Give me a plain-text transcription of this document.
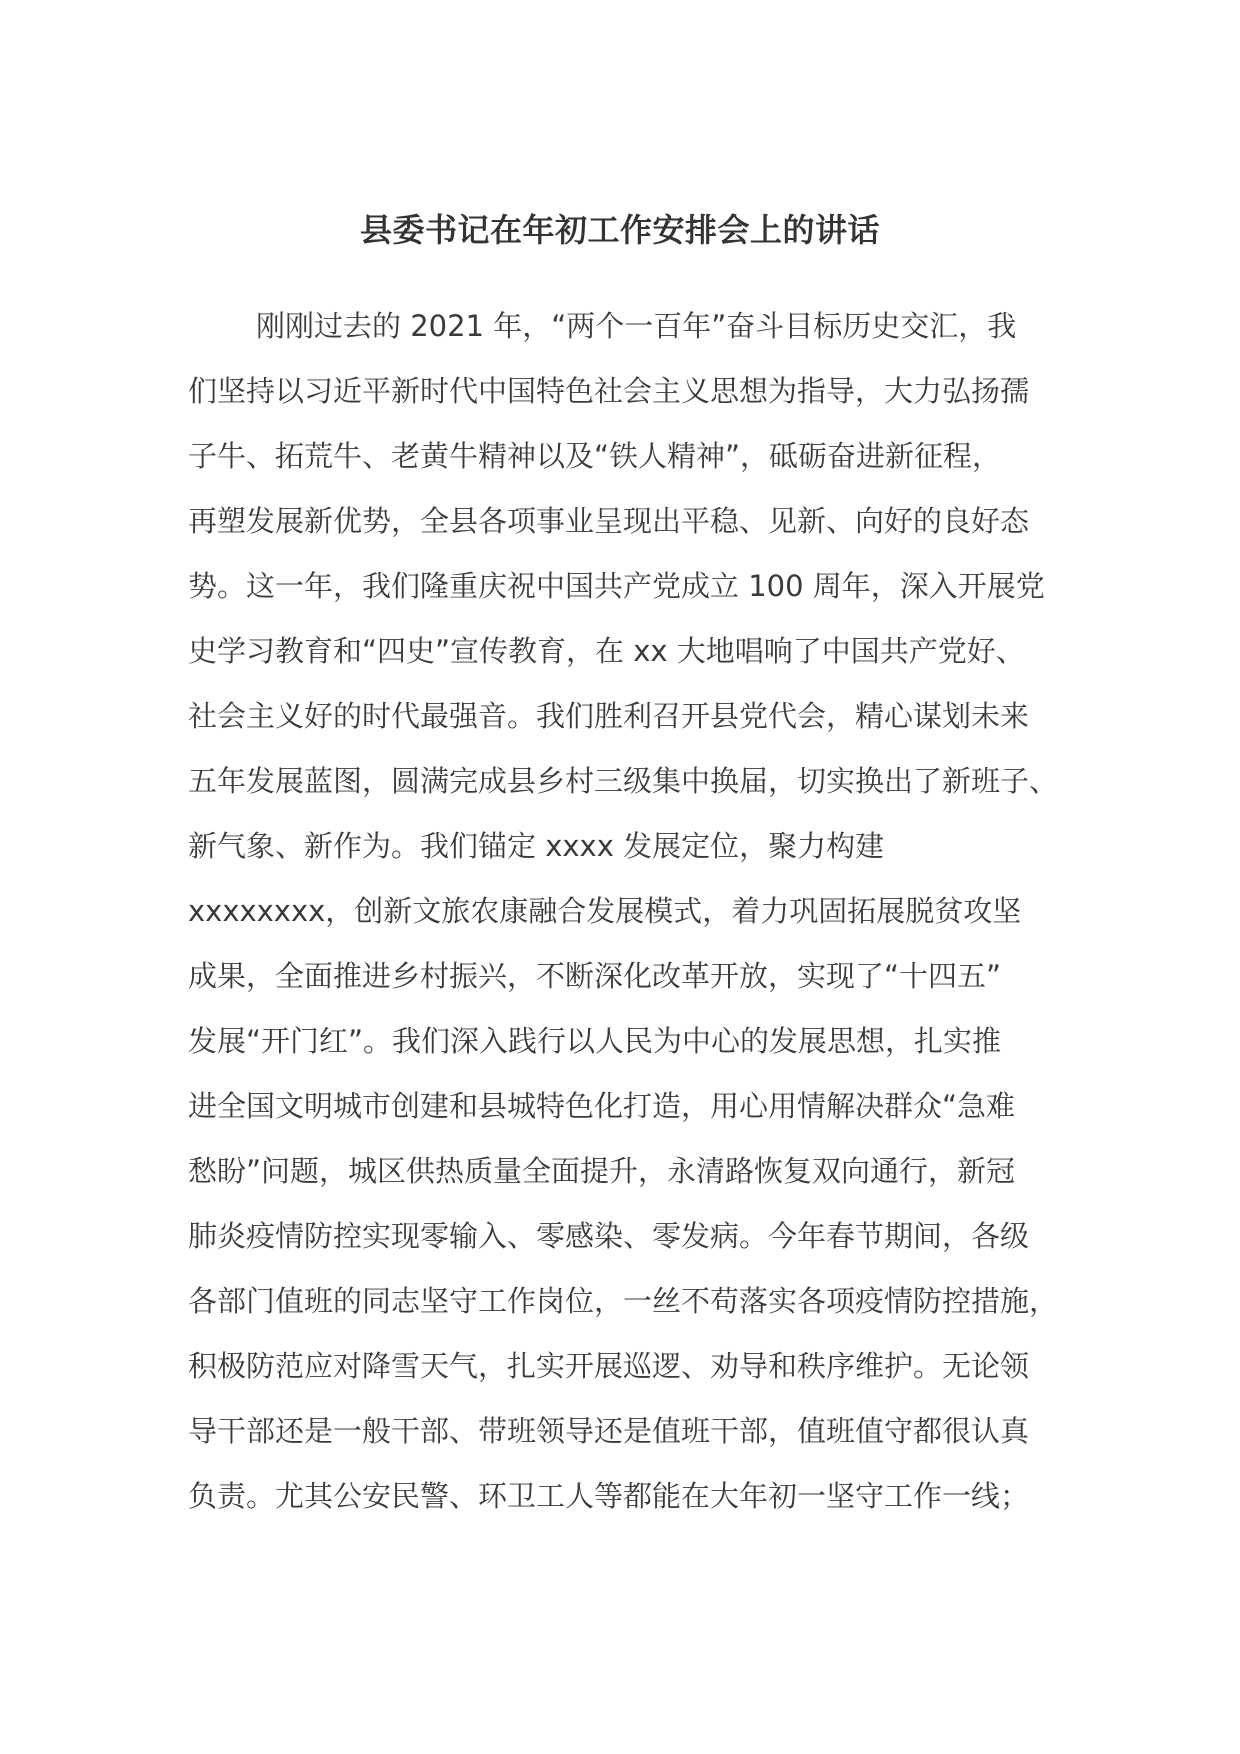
县委书记在年初工作安排会上的讲话
刚刚过去的 2021 年，“两个一百年”奋斗目标历史交汇，我
们坚持以习近平新时代中国特色社会主义思想为指导，大力弘扬孺
子牛、拓荒牛、老黄牛精神以及“铁人精神”，砥砺奋进新征程，
再塑发展新优势，全县各项事业呈现出平稳、见新、向好的良好态
势。这一年，我们隆重庆祝中国共产党成立 100 周年，深入开展党
史学习教育和“四史”宣传教育，在 xx 大地唱响了中国共产党好、
社会主义好的时代最强音。我们胜利召开县党代会，精心谋划未来
五年发展蓝图，圆满完成县乡村三级集中换届，切实换出了新班子、
新气象、新作为。我们锚定 xxxx 发展定位，聚力构建
xxxxxxxx，创新文旅农康融合发展模式，着力巩固拓展脱贫攻坚
成果，全面推进乡村振兴，不断深化改革开放，实现了“十四五”
发展“开门红”。我们深入践行以人民为中心的发展思想，扎实推
进全国文明城市创建和县城特色化打造，用心用情解决群众“急难
愁盼”问题，城区供热质量全面提升，永清路恢复双向通行，新冠
肺炎疫情防控实现零输入、零感染、零发病。今年春节期间，各级
各部门值班的同志坚守工作岗位，一丝不苟落实各项疫情防控措施，
积极防范应对降雪天气，扎实开展巡逻、劝导和秩序维护。无论领
导干部还是一般干部、带班领导还是值班干部，值班值守都很认真
负责。尤其公安民警、环卫工人等都能在大年初一坚守工作一线；
